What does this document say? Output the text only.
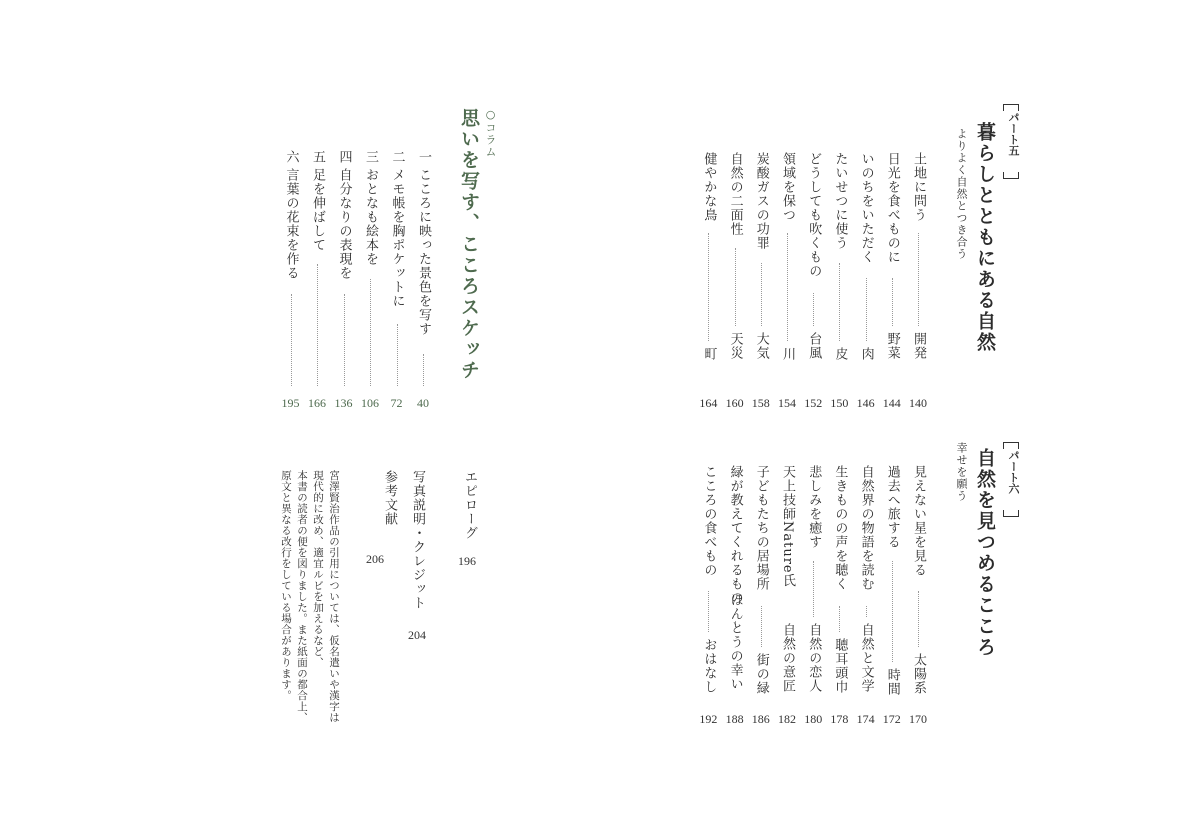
パート五
暮らしとともにある自然
よりよく自然とつき合う
土地に問う
開発
140
日光を食べものに
野菜
144
いのちをいただく
肉
146
たいせつに使う
皮
150
どうしても吹くもの
台風
152
領域を保つ
川
154
炭酸ガスの功罪
大気
158
自然の二面性
天災
160
健やかな鳥
町
164
パート六
自然を見つめるこころ
幸せを願う
見えない星を見る
太陽系
170
過去へ旅する
時間
172
自然界の物語を読む
自然と文学
174
生きものの声を聴く
聴耳頭巾
178
悲しみを癒す
自然の恋人
180
天上技師Nature氏
自然の意匠
182
子どもたちの居場所
街の緑
186
緑が教えてくれるもの
ほんとうの幸い
188
こころの食べもの
おはなし
192
○コラム
思いを写す、こころスケッチ
一
こころに映った景色を写す
40
二
メモ帳を胸ポケットに
72
三
おとなも絵本を
106
四
自分なりの表現を
136
五
足を伸ばして
166
六
言葉の花束を作る
195
エピローグ
196
写真説明・クレジット
204
参考文献
206
宮澤賢治作品の引用については、仮名遣いや漢字は
現代的に改め、適宜ルビを加えるなど、
本書の読者の便を図りました。また紙面の都合上、
原文と異なる改行をしている場合があります。
